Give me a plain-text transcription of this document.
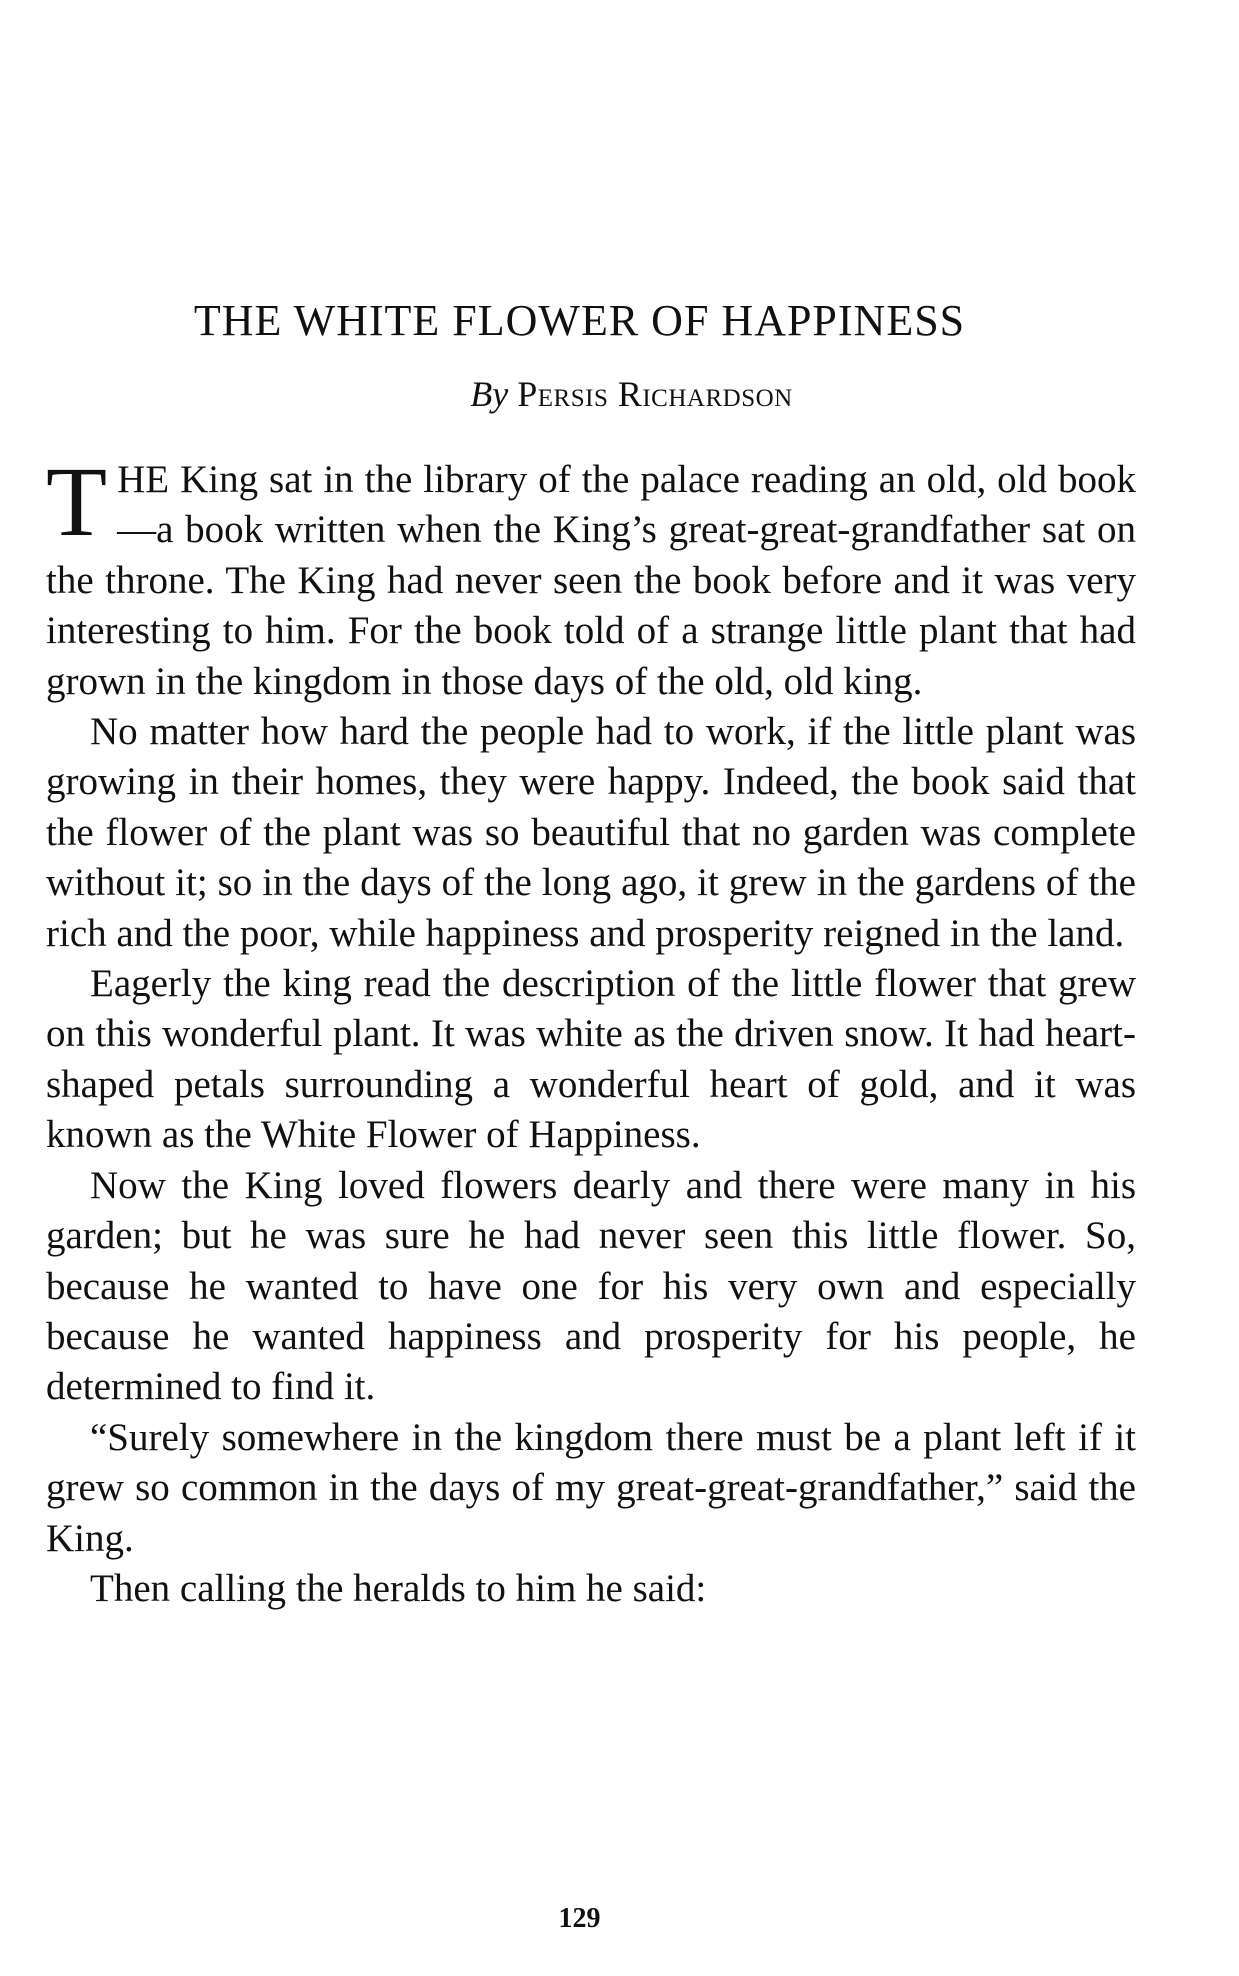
THE WHITE FLOWER OF HAPPINESS

By Persis Richardson

THE King sat in the library of the palace reading an old, old book—a book written when the King’s great-great-grandfather sat on the throne. The King had never seen the book before and it was very interesting to him. For the book told of a strange little plant that had grown in the kingdom in those days of the old, old king.

No matter how hard the people had to work, if the little plant was growing in their homes, they were happy. Indeed, the book said that the flower of the plant was so beautiful that no garden was complete without it; so in the days of the long ago, it grew in the gardens of the rich and the poor, while happiness and prosperity reigned in the land.

Eagerly the king read the description of the little flower that grew on this wonderful plant. It was white as the driven snow. It had heart-shaped petals surrounding a wonderful heart of gold, and it was known as the White Flower of Happiness.

Now the King loved flowers dearly and there were many in his garden; but he was sure he had never seen this little flower. So, because he wanted to have one for his very own and especially because he wanted happiness and prosperity for his people, he determined to find it.

“Surely somewhere in the kingdom there must be a plant left if it grew so common in the days of my great-great-grandfather,” said the King.

Then calling the heralds to him he said:

129
